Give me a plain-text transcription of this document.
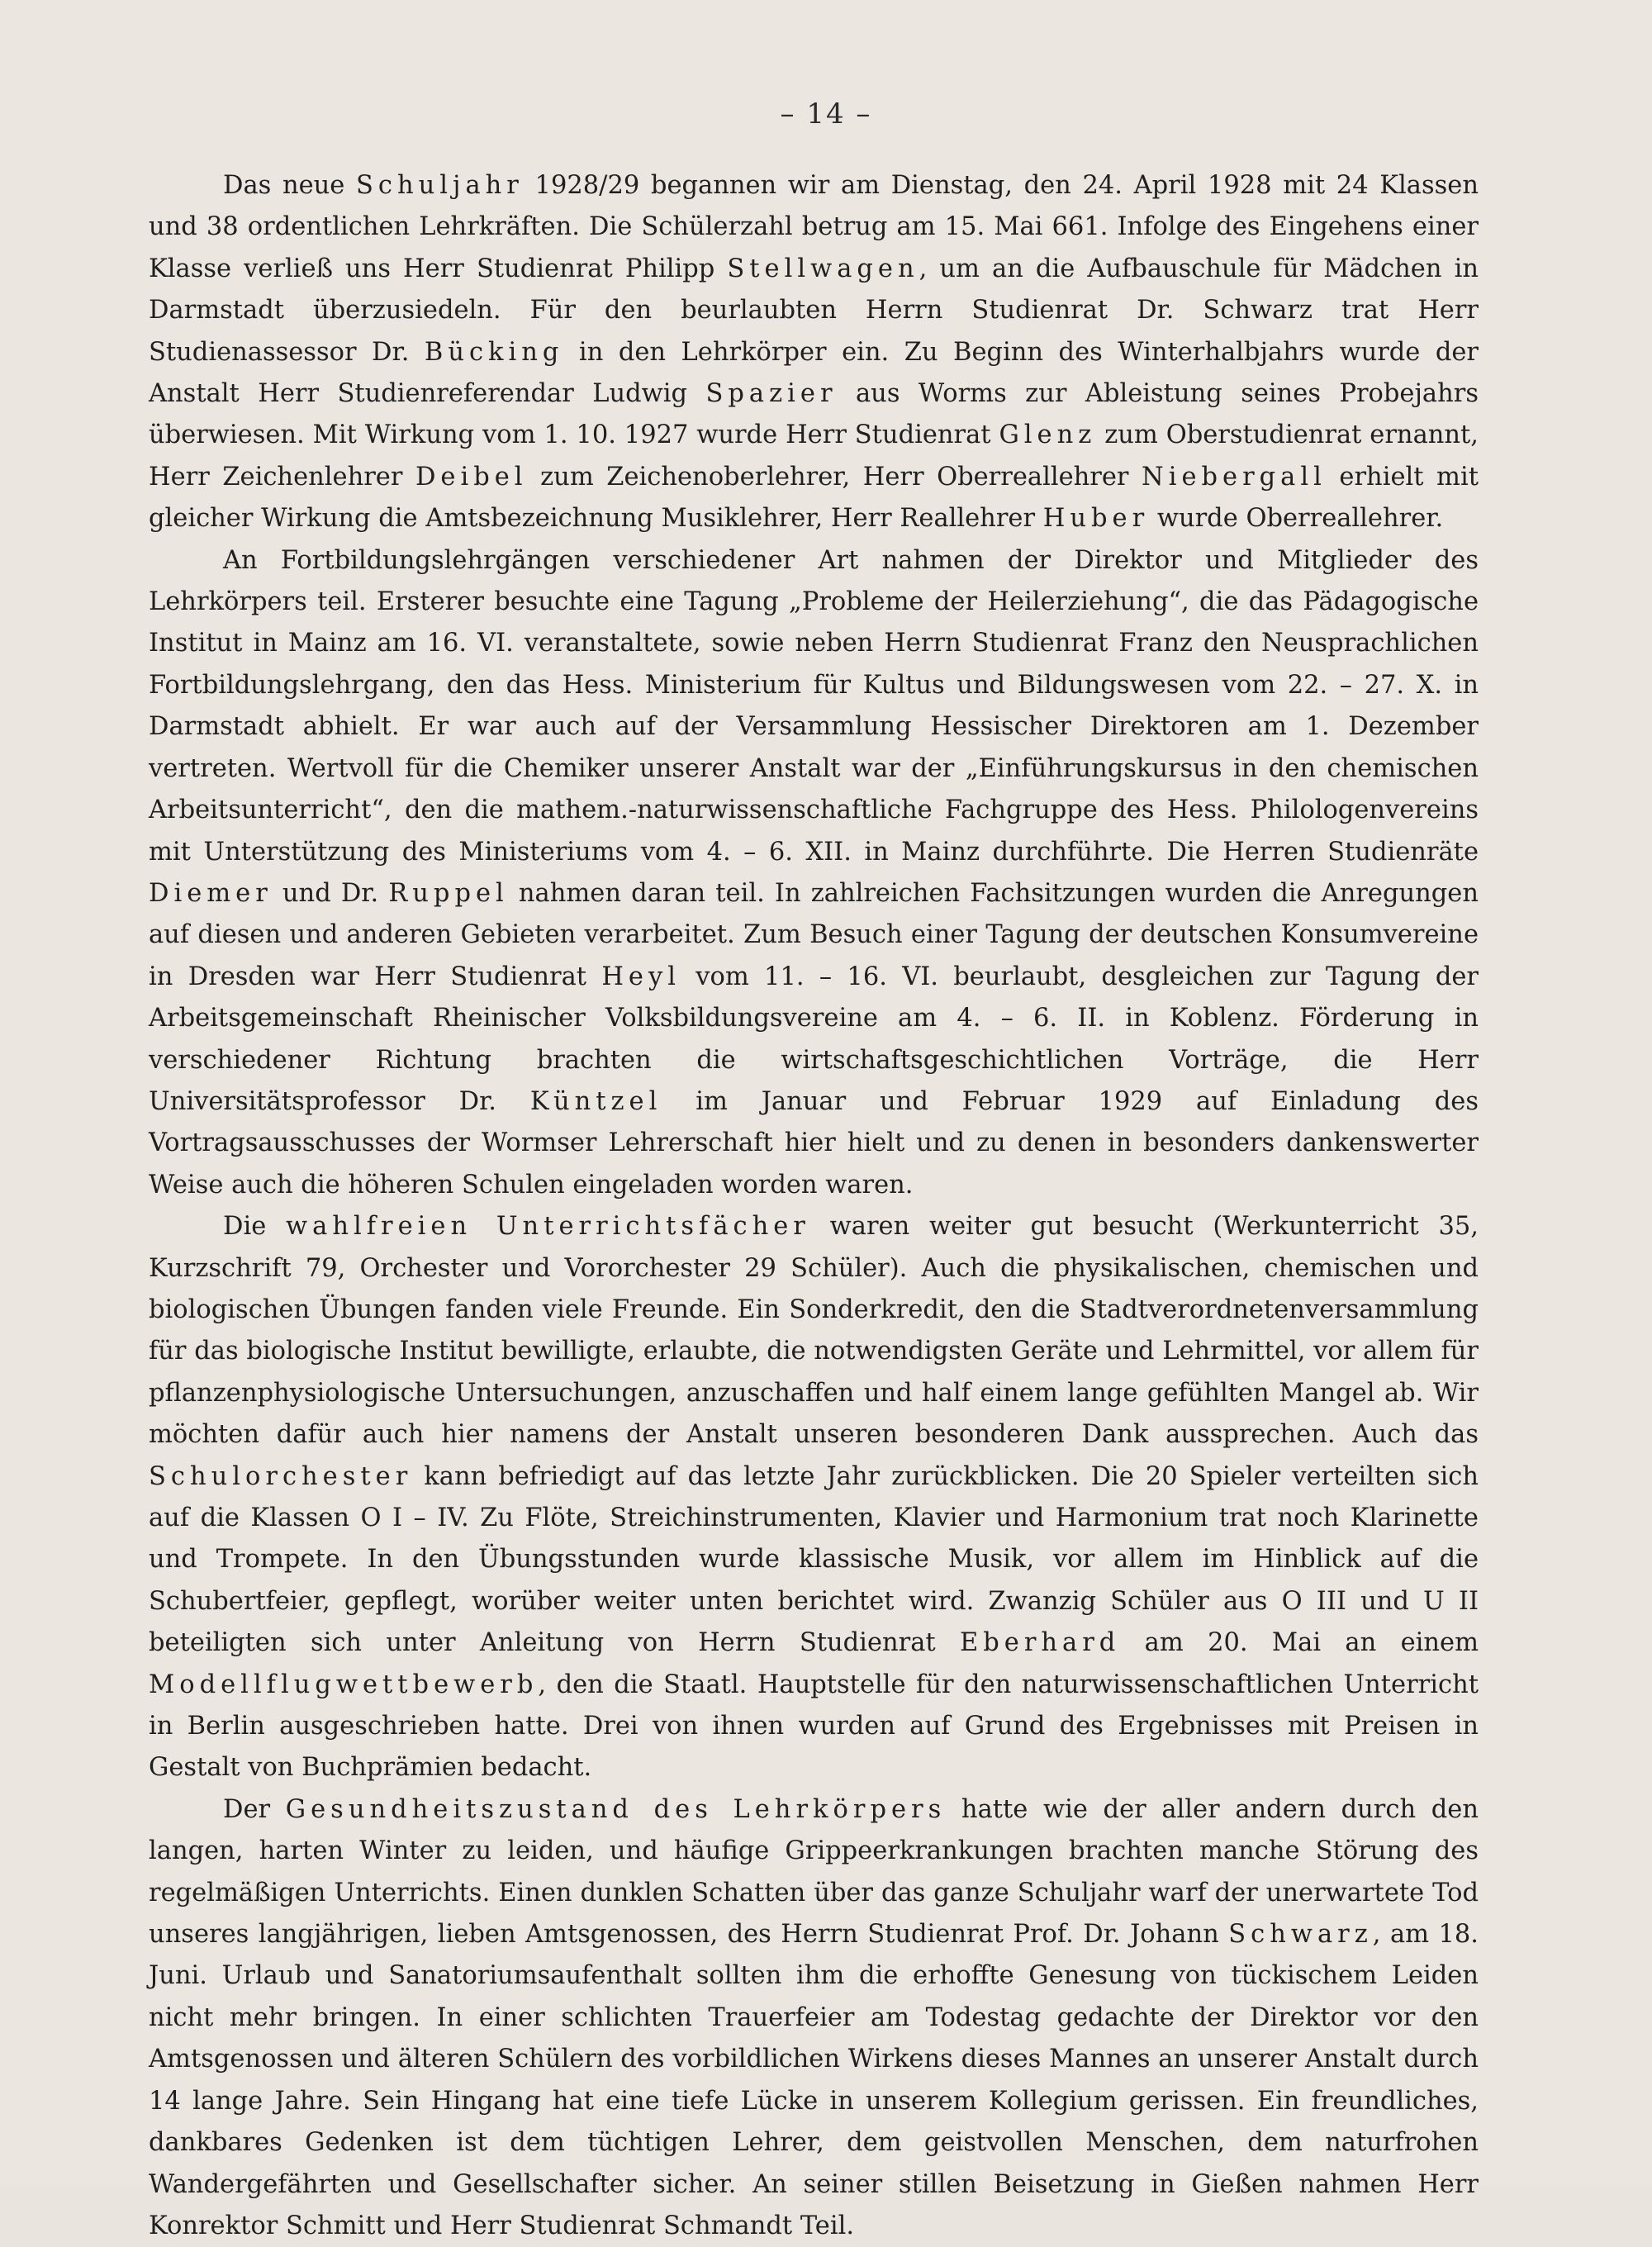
– 14 –

Das neue Schuljahr 1928/29 begannen wir am Dienstag, den 24. April 1928 mit 24 Klassen und 38 ordentlichen Lehrkräften. Die Schülerzahl betrug am 15. Mai 661. Infolge des Eingehens einer Klasse verließ uns Herr Studienrat Philipp Stellwagen, um an die Aufbauschule für Mädchen in Darmstadt überzusiedeln. Für den beurlaubten Herrn Studienrat Dr. Schwarz trat Herr Studienassessor Dr. Bücking in den Lehrkörper ein. Zu Beginn des Winterhalbjahrs wurde der Anstalt Herr Studienreferendar Ludwig Spazier aus Worms zur Ableistung seines Probejahrs überwiesen. Mit Wirkung vom 1. 10. 1927 wurde Herr Studienrat Glenz zum Oberstudienrat ernannt, Herr Zeichenlehrer Deibel zum Zeichenoberlehrer, Herr Oberreallehrer Niebergall erhielt mit gleicher Wirkung die Amtsbezeichnung Musiklehrer, Herr Reallehrer Huber wurde Oberreallehrer.

An Fortbildungslehrgängen verschiedener Art nahmen der Direktor und Mitglieder des Lehrkörpers teil. Ersterer besuchte eine Tagung „Probleme der Heilerziehung“, die das Pädagogische Institut in Mainz am 16. VI. veranstaltete, sowie neben Herrn Studienrat Franz den Neusprachlichen Fortbildungslehrgang, den das Hess. Ministerium für Kultus und Bildungswesen vom 22. – 27. X. in Darmstadt abhielt. Er war auch auf der Versammlung Hessischer Direktoren am 1. Dezember vertreten. Wertvoll für die Chemiker unserer Anstalt war der „Einführungskursus in den chemischen Arbeitsunterricht“, den die mathem.-naturwissenschaftliche Fachgruppe des Hess. Philologenvereins mit Unterstützung des Ministeriums vom 4. – 6. XII. in Mainz durchführte. Die Herren Studienräte Diemer und Dr. Ruppel nahmen daran teil. In zahlreichen Fachsitzungen wurden die Anregungen auf diesen und anderen Gebieten verarbeitet. Zum Besuch einer Tagung der deutschen Konsumvereine in Dresden war Herr Studienrat Heyl vom 11. – 16. VI. beurlaubt, desgleichen zur Tagung der Arbeitsgemeinschaft Rheinischer Volksbildungsvereine am 4. – 6. II. in Koblenz. Förderung in verschiedener Richtung brachten die wirtschaftsgeschichtlichen Vorträge, die Herr Universitätsprofessor Dr. Küntzel im Januar und Februar 1929 auf Einladung des Vortragsausschusses der Wormser Lehrerschaft hier hielt und zu denen in besonders dankenswerter Weise auch die höheren Schulen eingeladen worden waren.

Die wahlfreien Unterrichtsfächer waren weiter gut besucht (Werkunterricht 35, Kurzschrift 79, Orchester und Vororchester 29 Schüler). Auch die physikalischen, chemischen und biologischen Übungen fanden viele Freunde. Ein Sonderkredit, den die Stadtverordnetenversammlung für das biologische Institut bewilligte, erlaubte, die notwendigsten Geräte und Lehrmittel, vor allem für pflanzenphysiologische Untersuchungen, anzuschaffen und half einem lange gefühlten Mangel ab. Wir möchten dafür auch hier namens der Anstalt unseren besonderen Dank aussprechen. Auch das Schulorchester kann befriedigt auf das letzte Jahr zurückblicken. Die 20 Spieler verteilten sich auf die Klassen O I – IV. Zu Flöte, Streichinstrumenten, Klavier und Harmonium trat noch Klarinette und Trompete. In den Übungsstunden wurde klassische Musik, vor allem im Hinblick auf die Schubertfeier, gepflegt, worüber weiter unten berichtet wird. Zwanzig Schüler aus O III und U II beteiligten sich unter Anleitung von Herrn Studienrat Eberhard am 20. Mai an einem Modellflugwettbewerb, den die Staatl. Hauptstelle für den naturwissenschaftlichen Unterricht in Berlin ausgeschrieben hatte. Drei von ihnen wurden auf Grund des Ergebnisses mit Preisen in Gestalt von Buchprämien bedacht.

Der Gesundheitszustand des Lehrkörpers hatte wie der aller andern durch den langen, harten Winter zu leiden, und häufige Grippeerkrankungen brachten manche Störung des regelmäßigen Unterrichts. Einen dunklen Schatten über das ganze Schuljahr warf der unerwartete Tod unseres langjährigen, lieben Amtsgenossen, des Herrn Studienrat Prof. Dr. Johann Schwarz, am 18. Juni. Urlaub und Sanatoriumsaufenthalt sollten ihm die erhoffte Genesung von tückischem Leiden nicht mehr bringen. In einer schlichten Trauerfeier am Todestag gedachte der Direktor vor den Amtsgenossen und älteren Schülern des vorbildlichen Wirkens dieses Mannes an unserer Anstalt durch 14 lange Jahre. Sein Hingang hat eine tiefe Lücke in unserem Kollegium gerissen. Ein freundliches, dankbares Gedenken ist dem tüchtigen Lehrer, dem geistvollen Menschen, dem naturfrohen Wandergefährten und Gesellschafter sicher. An seiner stillen Beisetzung in Gießen nahmen Herr Konrektor Schmitt und Herr Studienrat Schmandt Teil.
